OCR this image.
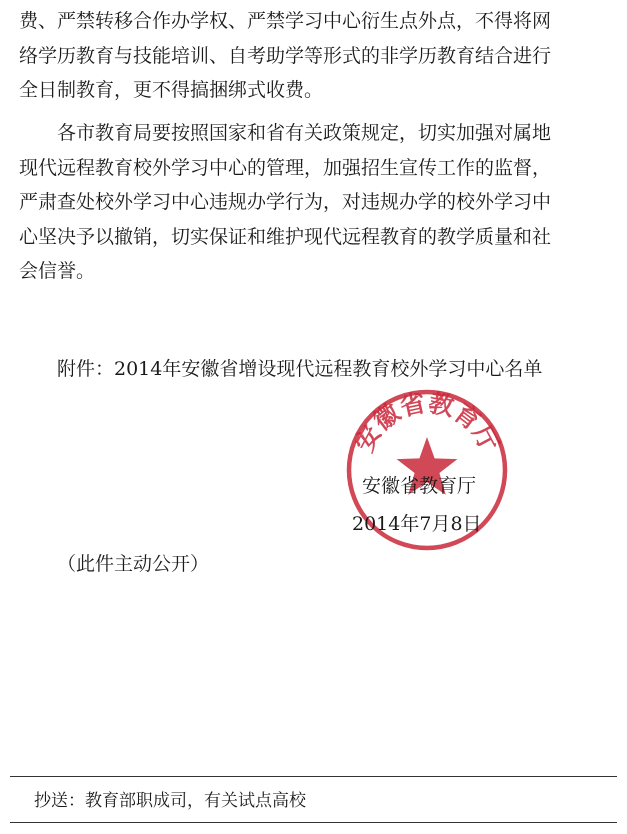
费、严禁转移合作办学权、严禁学习中心衍生点外点，不得将网
络学历教育与技能培训、自考助学等形式的非学历教育结合进行
全日制教育，更不得搞捆绑式收费。

各市教育局要按照国家和省有关政策规定，切实加强对属地
现代远程教育校外学习中心的管理，加强招生宣传工作的监督，
严肃查处校外学习中心违规办学行为，对违规办学的校外学习中
心坚决予以撤销，切实保证和维护现代远程教育的教学质量和社
会信誉。

附件：2014年安徽省增设现代远程教育校外学习中心名单
安徽省教育厅
安徽省教育厅
2014年7月8日
（此件主动公开）
抄送：教育部职成司，有关试点高校
